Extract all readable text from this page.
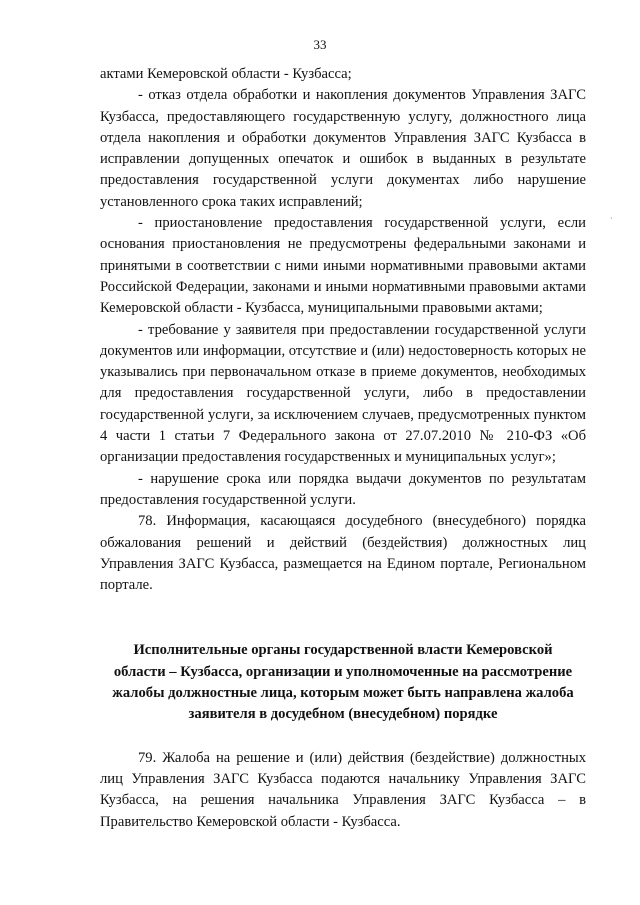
33

актами Кемеровской области - Кузбасса;

- отказ отдела обработки и накопления документов Управления ЗАГС Кузбасса, предоставляющего государственную услугу, должностного лица отдела накопления и обработки документов Управления ЗАГС Кузбасса в исправлении допущенных опечаток и ошибок в выданных в результате предоставления государственной услуги документах либо нарушение установленного срока таких исправлений;

- приостановление предоставления государственной услуги, если основания приостановления не предусмотрены федеральными законами и принятыми в соответствии с ними иными нормативными правовыми актами Российской Федерации, законами и иными нормативными правовыми актами Кемеровской области - Кузбасса, муниципальными правовыми актами;

- требование у заявителя при предоставлении государственной услуги документов или информации, отсутствие и (или) недостоверность которых не указывались при первоначальном отказе в приеме документов, необходимых для предоставления государственной услуги, либо в предоставлении государственной услуги, за исключением случаев, предусмотренных пунктом 4 части 1 статьи 7 Федерального закона от 27.07.2010 № 210-ФЗ «Об организации предоставления государственных и муниципальных услуг»;

- нарушение срока или порядка выдачи документов по результатам предоставления государственной услуги.

78. Информация, касающаяся досудебного (внесудебного) порядка обжалования решений и действий (бездействия) должностных лиц Управления ЗАГС Кузбасса, размещается на Едином портале, Региональном портале.

Исполнительные органы государственной власти Кемеровской
области – Кузбасса, организации и уполномоченные на рассмотрение
жалобы должностные лица, которым может быть направлена жалоба
заявителя в досудебном (внесудебном) порядке

79. Жалоба на решение и (или) действия (бездействие) должностных лиц Управления ЗАГС Кузбасса подаются начальнику Управления ЗАГС Кузбасса, на решения начальника Управления ЗАГС Кузбасса – в Правительство Кемеровской области - Кузбасса.

·
